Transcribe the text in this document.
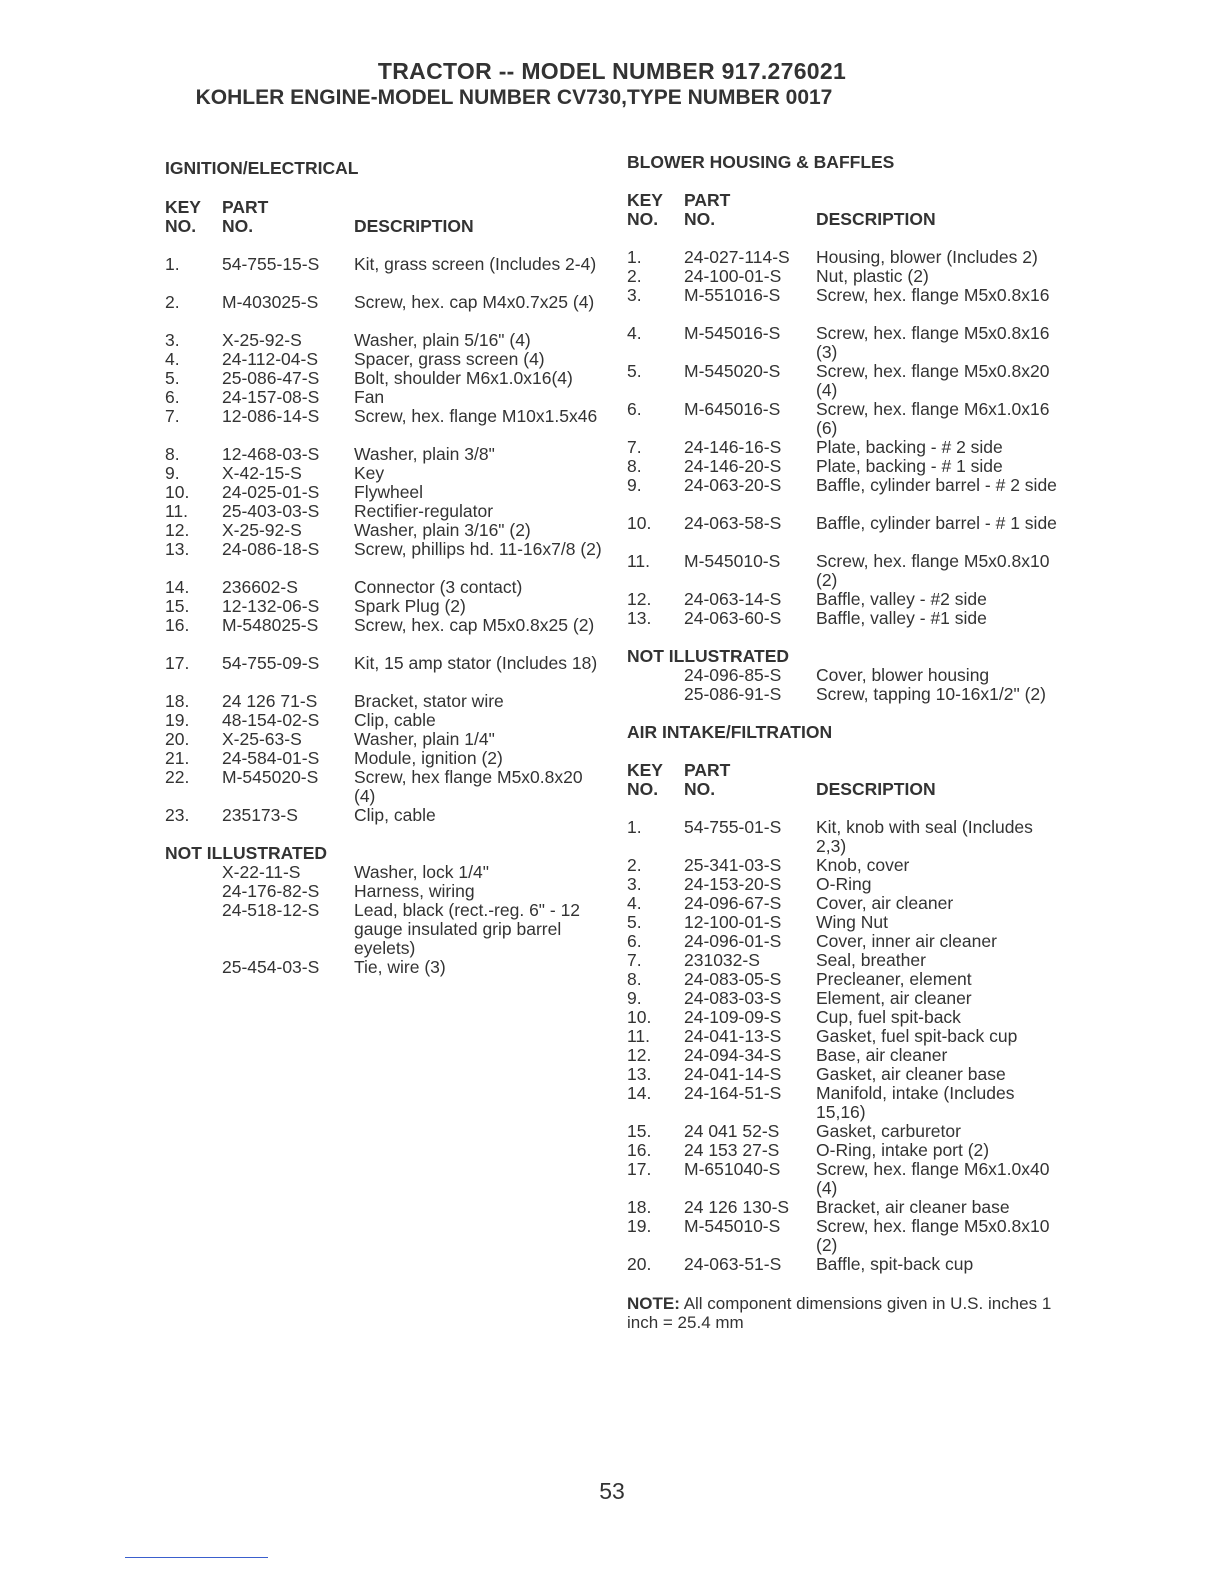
TRACTOR -- MODEL NUMBER 917.276021
KOHLER ENGINE-MODEL NUMBER CV730,TYPE NUMBER 0017
IGNITION/ELECTRICAL
KEY
NO.
PART
NO.	DESCRIPTION
1. 54-755-15-S Kit, grass screen (Includes 2-4)
2. M-403025-S Screw, hex. cap M4x0.7x25 (4)
3. X-25-92-S	Washer, plain 5/16" (4)
4. 24-112-04-S Spacer, grass screen (4)
5. 25-086-47-S Bolt, shoulder M6x1.0x16(4)
6. 24-157-08-S Fan
7. 12-086-14-S Screw, hex. flange M10x1.5x46
8. 12-468-03-S Washer, plain 3/8"
9. X-42-15-S	Key
10. 24-025-01-S Flywheel
11. 25-403-03-S Rectifier-regulator
12. X-25-92-S	Washer, plain 3/16" (2)
13. 24-086-18-S Screw, phillips hd. 11-16x7/8 (2)
14. 236602-S	Connector (3 contact)
15. 12-132-06-S Spark Plug (2)
16. M-548025-S Screw, hex. cap M5x0.8x25 (2)
17. 54-755-09-S Kit, 15 amp stator (Includes 18)
18. 24 126 71-S Bracket, stator wire
19. 48-154-02-S Clip, cable
20. X-25-63-S	Washer, plain 1/4"
21. 24-584-01-S Module, ignition (2)
22. M-545020-S Screw, hex flange M5x0.8x20 (4)
23. 235173-S	Clip, cable
NOT ILLUSTRATED
X-22-11-S	Washer, lock 1/4"
24-176-82-S Harness, wiring
24-518-12-S Lead, black (rect.-reg. 6" - 12 gauge insulated grip barrel eyelets)
25-454-03-S Tie, wire (3)
BLOWER HOUSING & BAFFLES
KEY
NO.
PART
NO.	DESCRIPTION
1. 24-027-114-S Housing, blower (Includes 2)
2. 24-100-01-S Nut, plastic (2)
3. M-551016-S Screw, hex. flange M5x0.8x16
4. M-545016-S Screw, hex. flange M5x0.8x16 (3)
5. M-545020-S Screw, hex. flange M5x0.8x20 (4)
6. M-645016-S Screw, hex. flange M6x1.0x16 (6)
7. 24-146-16-S Plate, backing - # 2 side
8. 24-146-20-S Plate, backing - # 1 side
9. 24-063-20-S Baffle, cylinder barrel - # 2 side
10. 24-063-58-S Baffle, cylinder barrel - # 1 side
11. M-545010-S Screw, hex. flange M5x0.8x10 (2)
12. 24-063-14-S Baffle, valley - #2 side
13. 24-063-60-S Baffle, valley - #1 side
NOT ILLUSTRATED
24-096-85-S Cover, blower housing
25-086-91-S Screw, tapping 10-16x1/2" (2)
AIR INTAKE/FILTRATION
KEY
NO.
PART
NO.	DESCRIPTION
1. 54-755-01-S Kit, knob with seal (Includes 2,3)
2. 25-341-03-S Knob, cover
3. 24-153-20-S O-Ring
4. 24-096-67-S Cover, air cleaner
5. 12-100-01-S Wing Nut
6. 24-096-01-S Cover, inner air cleaner
7. 231032-S	Seal, breather
8. 24-083-05-S Precleaner, element
9. 24-083-03-S Element, air cleaner
10. 24-109-09-S Cup, fuel spit-back
11. 24-041-13-S Gasket, fuel spit-back cup
12. 24-094-34-S Base, air cleaner
13. 24-041-14-S Gasket, air cleaner base
14. 24-164-51-S Manifold, intake (Includes 15,16)
15. 24 041 52-S Gasket, carburetor
16. 24 153 27-S O-Ring, intake port (2)
17. M-651040-S Screw, hex. flange M6x1.0x40 (4)
18. 24 126 130-S Bracket, air cleaner base
19. M-545010-S Screw, hex. flange M5x0.8x10 (2)
20. 24-063-51-S Baffle, spit-back cup
NOTE: All component dimensions given in U.S. inches 1 inch = 25.4 mm
53
